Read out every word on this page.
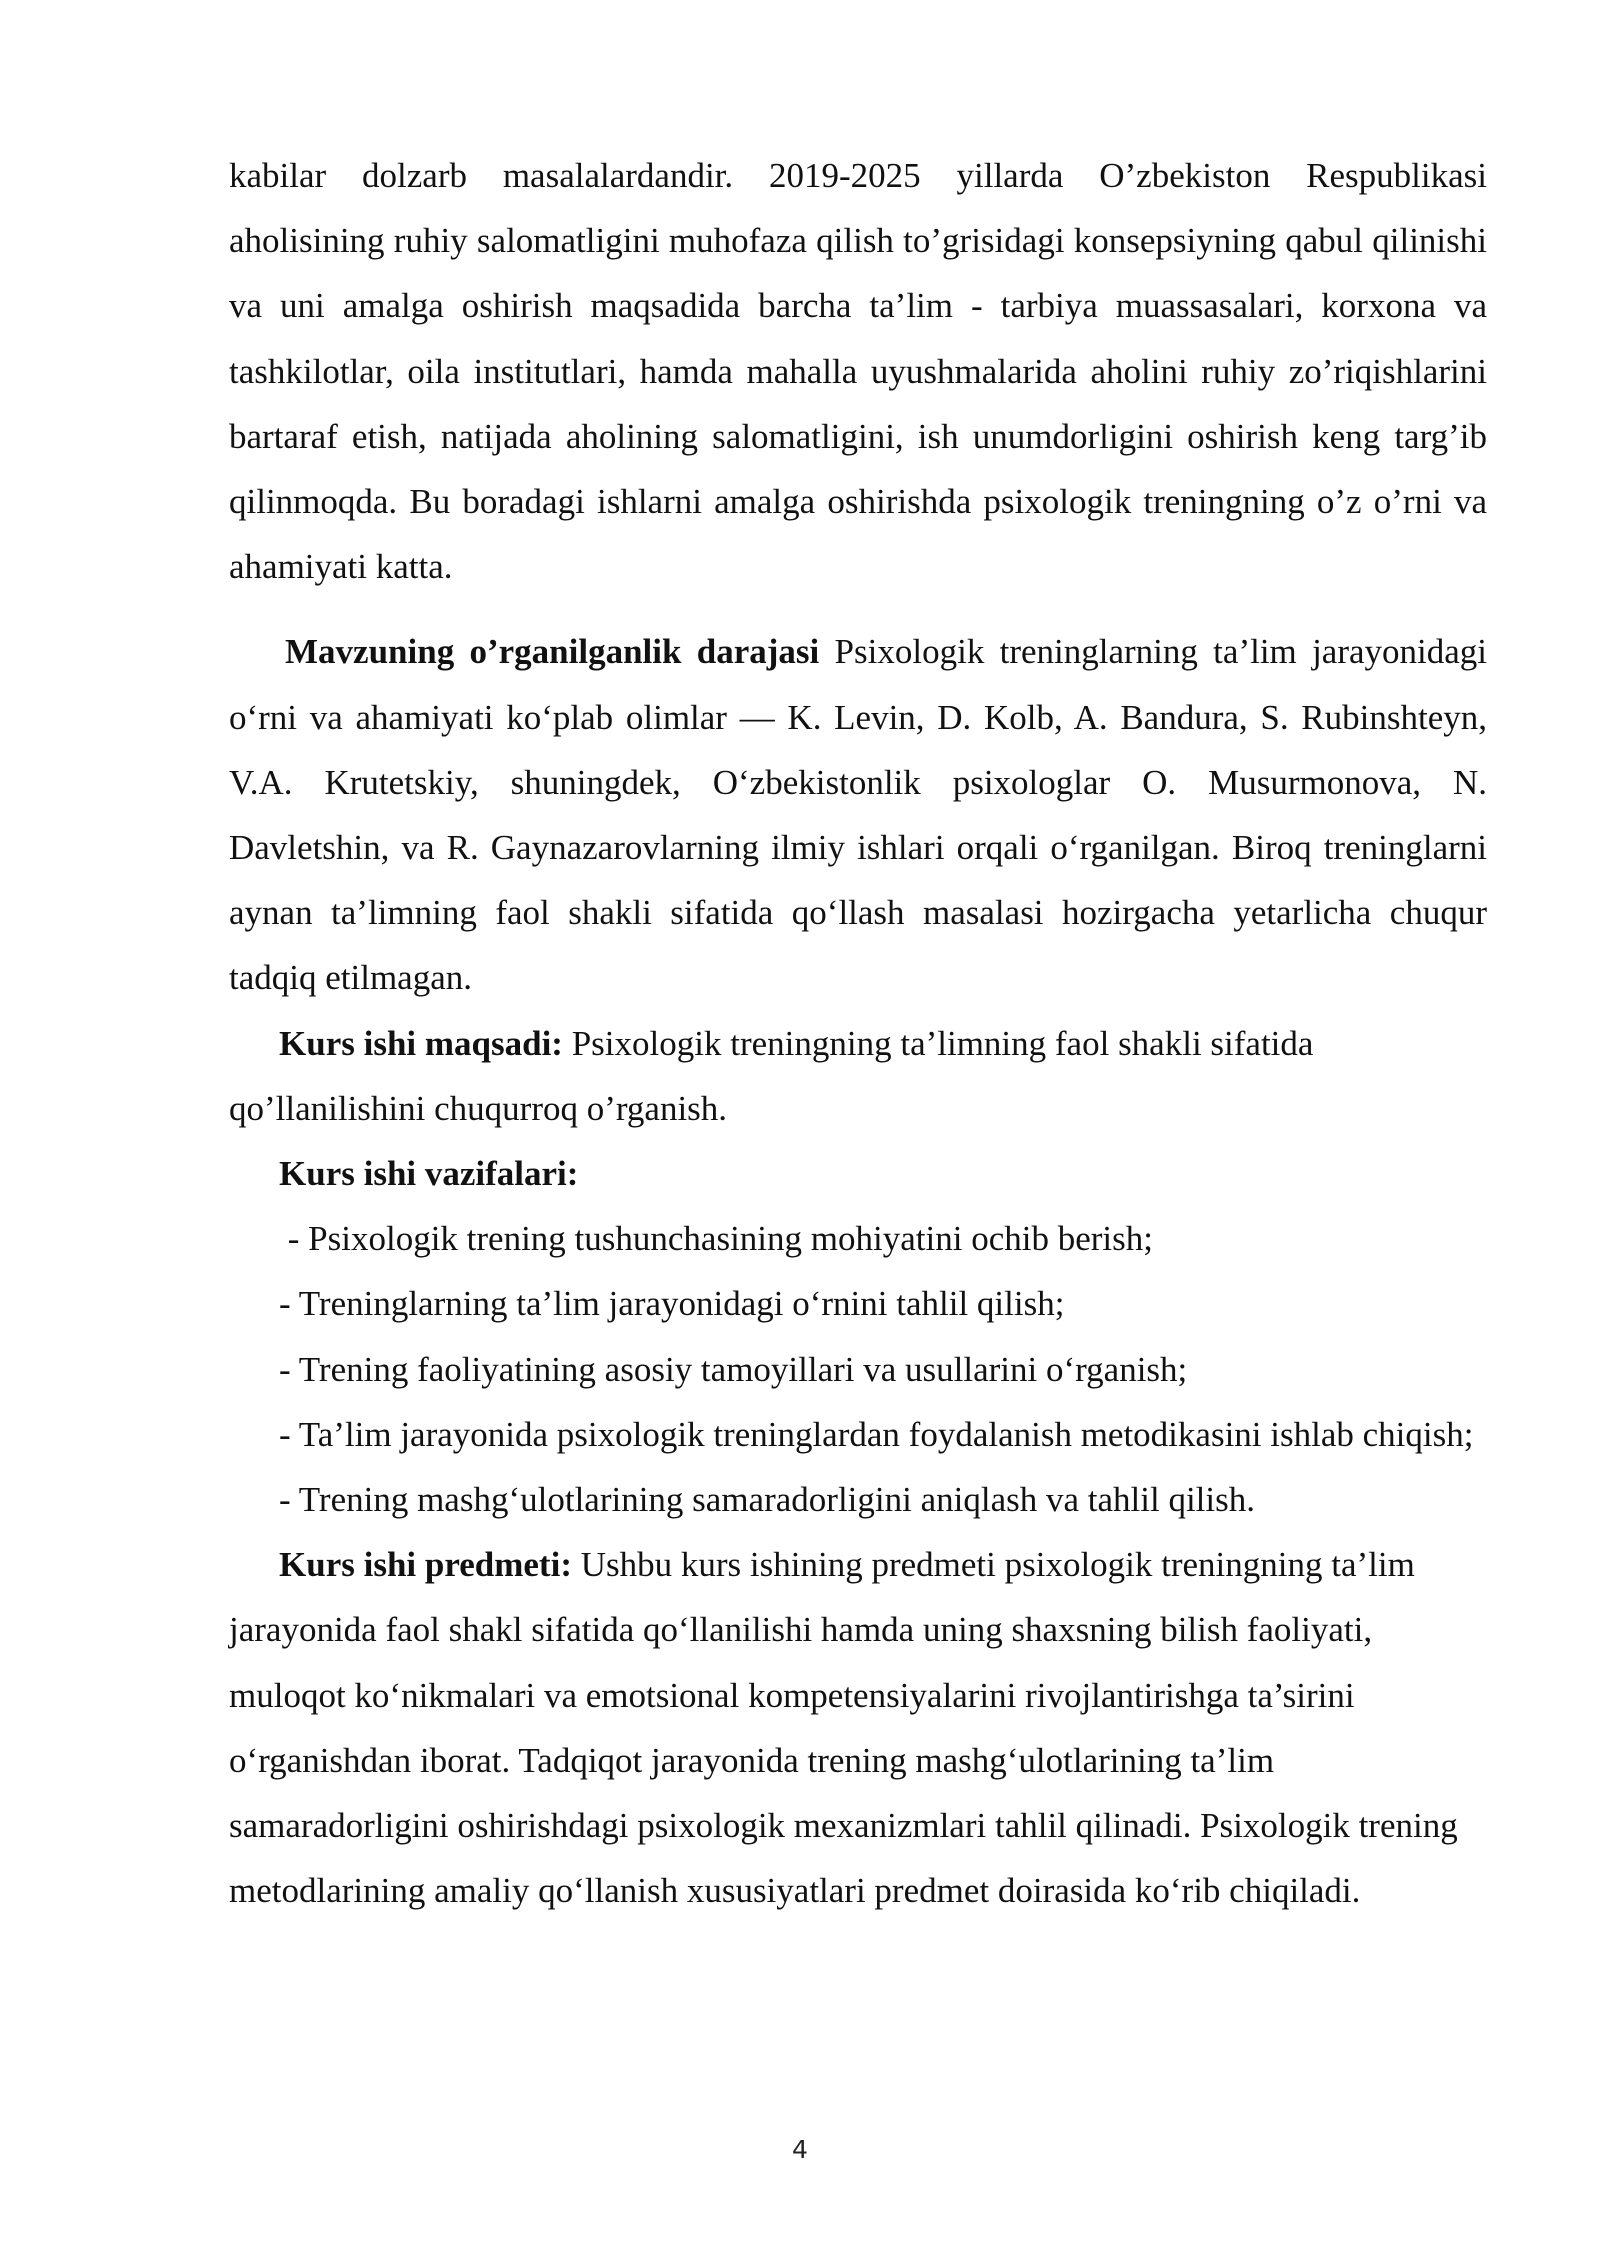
kabilar dolzarb masalalardandir. 2019-2025 yillarda O’zbekiston Respublikasi aholisining ruhiy salomatligini muhofaza qilish to’grisidagi konsepsiyning qabul qilinishi va uni amalga oshirish maqsadida barcha ta’lim - tarbiya muassasalari, korxona va tashkilotlar, oila institutlari, hamda mahalla uyushmalarida aholini ruhiy zo’riqishlarini bartaraf etish, natijada aholining salomatligini, ish unumdorligini oshirish keng targ’ib qilinmoqda. Bu boradagi ishlarni amalga oshirishda psixologik treningning o’z o’rni va ahamiyati katta.

Mavzuning o’rganilganlik darajasi Psixologik treninglarning ta’lim jarayonidagi oʻrni va ahamiyati koʻplab olimlar — K. Levin, D. Kolb, A. Bandura, S. Rubinshteyn, V.A. Krutetskiy, shuningdek, Oʻzbekistonlik psixologlar O. Musurmonova, N. Davletshin, va R. Gaynazarovlarning ilmiy ishlari orqali oʻrganilgan. Biroq treninglarni aynan ta’limning faol shakli sifatida qoʻllash masalasi hozirgacha yetarlicha chuqur tadqiq etilmagan.

Kurs ishi maqsadi: Psixologik treningning ta’limning faol shakli sifatida qo’llanilishini chuqurroq o’rganish.

Kurs ishi vazifalari:

- Psixologik trening tushunchasining mohiyatini ochib berish;

- Treninglarning ta’lim jarayonidagi oʻrnini tahlil qilish;

- Trening faoliyatining asosiy tamoyillari va usullarini oʻrganish;

- Ta’lim jarayonida psixologik treninglardan foydalanish metodikasini ishlab chiqish;

- Trening mashgʻulotlarining samaradorligini aniqlash va tahlil qilish.

Kurs ishi predmeti: Ushbu kurs ishining predmeti psixologik treningning ta’lim jarayonida faol shakl sifatida qoʻllanilishi hamda uning shaxsning bilish faoliyati, muloqot koʻnikmalari va emotsional kompetensiyalarini rivojlantirishga ta’sirini oʻrganishdan iborat. Tadqiqot jarayonida trening mashgʻulotlarining ta’lim samaradorligini oshirishdagi psixologik mexanizmlari tahlil qilinadi. Psixologik trening metodlarining amaliy qoʻllanish xususiyatlari predmet doirasida koʻrib chiqiladi.

4
